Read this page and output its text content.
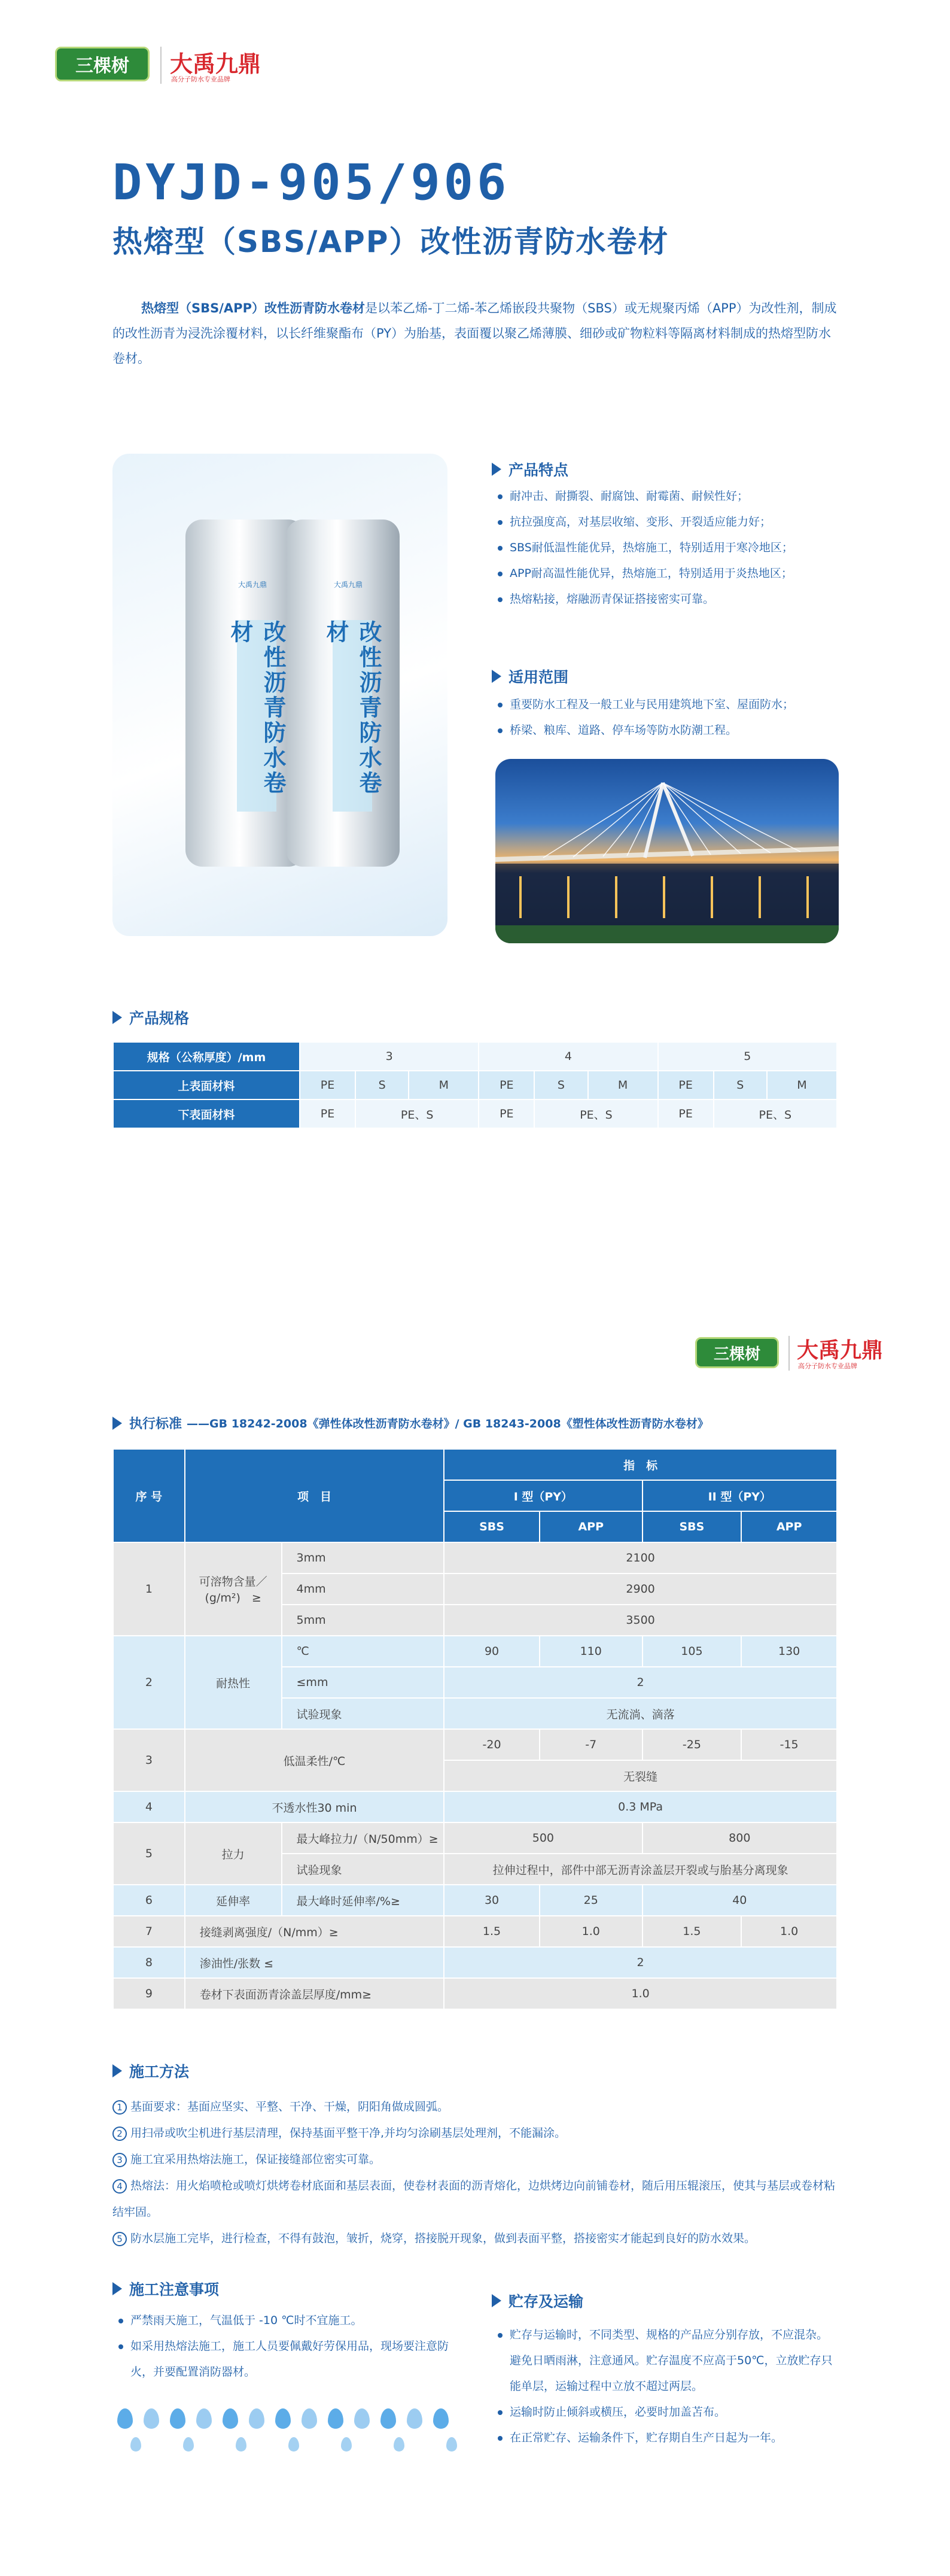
三棵树	大禹九鼎
高分子防水专业品牌
DYJD-905/906
热熔型（SBS/APP）改性沥青防水卷材
热熔型（SBS/APP）改性沥青防水卷材是以苯乙烯-丁二烯-苯乙烯嵌段共聚物（SBS）或无规聚丙烯（APP）为改性剂，制成的改性沥青为浸洗涂覆材料，以长纤维聚酯布（PY）为胎基，表面覆以聚乙烯薄膜、细砂或矿物粒料等隔离材料制成的热熔型防水卷材。
改性沥青防水卷材	改性沥青防水卷材
大禹九鼎	大禹九鼎
产品特点
耐冲击、耐撕裂、耐腐蚀、耐霉菌、耐候性好；
抗拉强度高，对基层收缩、变形、开裂适应能力好；
SBS耐低温性能优异，热熔施工，特别适用于寒冷地区；
APP耐高温性能优异，热熔施工，特别适用于炎热地区；
热熔粘接，熔融沥青保证搭接密实可靠。
适用范围
重要防水工程及一般工业与民用建筑地下室、屋面防水；
桥梁、粮库、道路、停车场等防水防潮工程。
产品规格
规格（公称厚度）/mm	3			4			5		
上表面材料	PE	S	M	PE	S	M	PE	S	M
下表面材料	PE	PE、S		PE	PE、S		PE	PE、S	
三棵树	大禹九鼎
高分子防水专业品牌
执行标准 ——GB 18242-2008《弹性体改性沥青防水卷材》/ GB 18243-2008《塑性体改性沥青防水卷材》
序 号	项　目		指　标			
			I 型（PY）		II 型（PY）	
			SBS	APP	SBS	APP
1	可溶物含量／(g/m²)　≥	3mm	2100			
		4mm	2900			
		5mm	3500			
2	耐热性	℃	90	110	105	130
		≤mm	2			
		试验现象	无流淌、滴落			
3	低温柔性/℃		-20	-7	-25	-15
			无裂缝			
4	不透水性30 min		0.3 MPa			
5	拉力	最大峰拉力/（N/50mm）≥	500		800	
		试验现象	拉伸过程中，部件中部无沥青涂盖层开裂或与胎基分离现象			
6	延伸率	最大峰时延伸率/%≥	30	25	40	
7	接缝剥离强度/（N/mm）≥		1.5	1.0	1.5	1.0
8	渗油性/张数 ≤		2			
9	卷材下表面沥青涂盖层厚度/mm≥		1.0			
施工方法
1 基面要求：基面应坚实、平整、干净、干燥，阴阳角做成圆弧。
2 用扫帚或吹尘机进行基层清理，保持基面平整干净,并均匀涂刷基层处理剂，不能漏涂。
3 施工宜采用热熔法施工，保证接缝部位密实可靠。
4 热熔法：用火焰喷枪或喷灯烘烤卷材底面和基层表面，使卷材表面的沥青熔化，边烘烤边向前铺卷材，随后用压辊滚压，使其与基层或卷材粘结牢固。
5 防水层施工完毕，进行检查，不得有鼓泡，皱折，烧穿，搭接脱开现象，做到表面平整，搭接密实才能起到良好的防水效果。
施工注意事项
严禁雨天施工，气温低于 -10 ℃时不宜施工。
如采用热熔法施工，施工人员要佩戴好劳保用品，现场要注意防火，并要配置消防器材。
贮存及运输
贮存与运输时，不同类型、规格的产品应分别存放，不应混杂。避免日晒雨淋，注意通风。贮存温度不应高于50℃，立放贮存只能单层，运输过程中立放不超过两层。
运输时防止倾斜或横压，必要时加盖苫布。
在正常贮存、运输条件下，贮存期自生产日起为一年。
